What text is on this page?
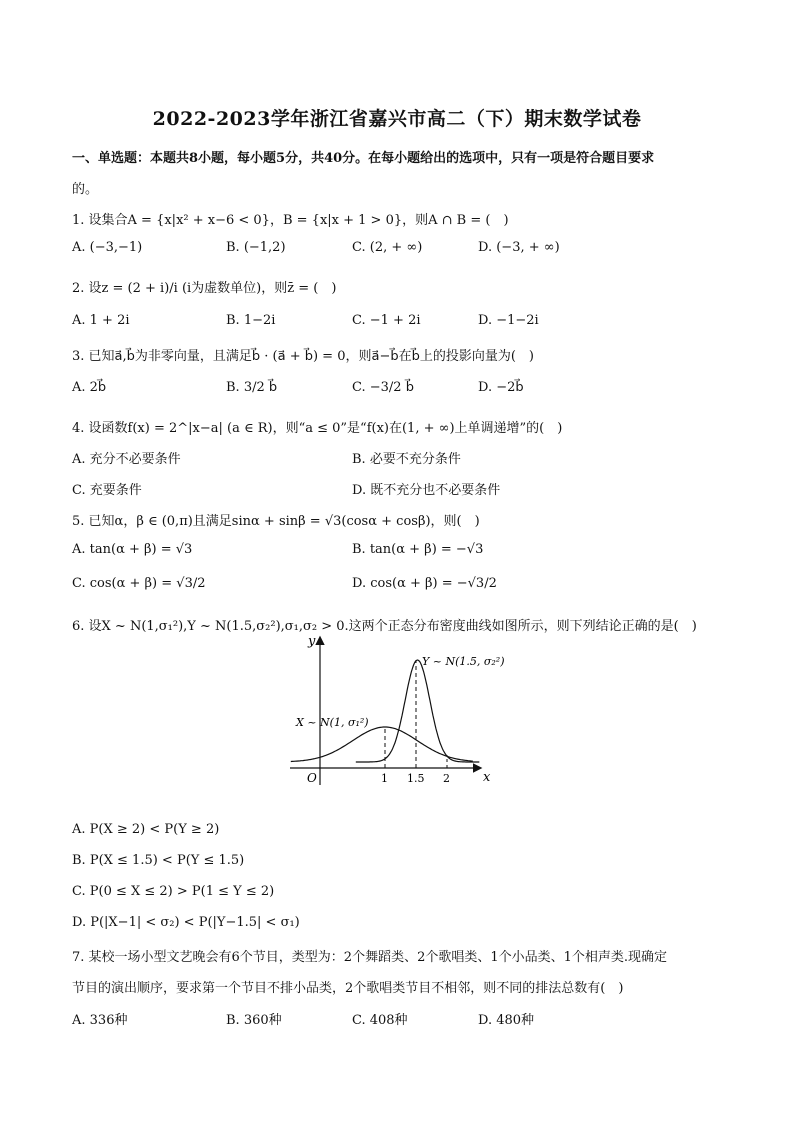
2022-2023学年浙江省嘉兴市高二（下）期末数学试卷
一、单选题：本题共8小题，每小题5分，共40分。在每小题给出的选项中，只有一项是符合题目要求
的。
1. 设集合A = {x|x² + x−6 < 0}，B = {x|x + 1 > 0}，则A ∩ B = (　)
A. (−3,−1)	B. (−1,2)	C. (2, + ∞)	D. (−3, + ∞)
2. 设z = (2 + i)/i (i为虚数单位)，则z̄ = (　)
A. 1 + 2i	B. 1−2i	C. −1 + 2i	D. −1−2i
3. 已知a⃗,b⃗为非零向量，且满足b⃗ · (a⃗ + b⃗) = 0，则a⃗−b⃗在b⃗上的投影向量为(　)
A. 2b⃗	B. 3/2 b⃗	C. −3/2 b⃗	D. −2b⃗
4. 设函数f(x) = 2^|x−a| (a ∈ R)，则“a ≤ 0”是“f(x)在(1, + ∞)上单调递增”的(　)
A. 充分不必要条件	B. 必要不充分条件
C. 充要条件	D. 既不充分也不必要条件
5. 已知α，β ∈ (0,π)且满足sinα + sinβ = √3(cosα + cosβ)，则(　)
A. tan(α + β) = √3	B. tan(α + β) = −√3
C. cos(α + β) = √3/2	D. cos(α + β) = −√3/2
6. 设X ~ N(1,σ₁²),Y ~ N(1.5,σ₂²),σ₁,σ₂ > 0.这两个正态分布密度曲线如图所示，则下列结论正确的是(　)
y
x
O	1 1.5 2
X ~ N(1, σ₁²)
Y ~ N(1.5, σ₂²)
A. P(X ≥ 2) < P(Y ≥ 2)
B. P(X ≤ 1.5) < P(Y ≤ 1.5)
C. P(0 ≤ X ≤ 2) > P(1 ≤ Y ≤ 2)
D. P(|X−1| < σ₂) < P(|Y−1.5| < σ₁)
7. 某校一场小型文艺晚会有6个节目，类型为：2个舞蹈类、2个歌唱类、1个小品类、1个相声类.现确定
节目的演出顺序，要求第一个节目不排小品类，2个歌唱类节目不相邻，则不同的排法总数有(　)
A. 336种	B. 360种	C. 408种	D. 480种
